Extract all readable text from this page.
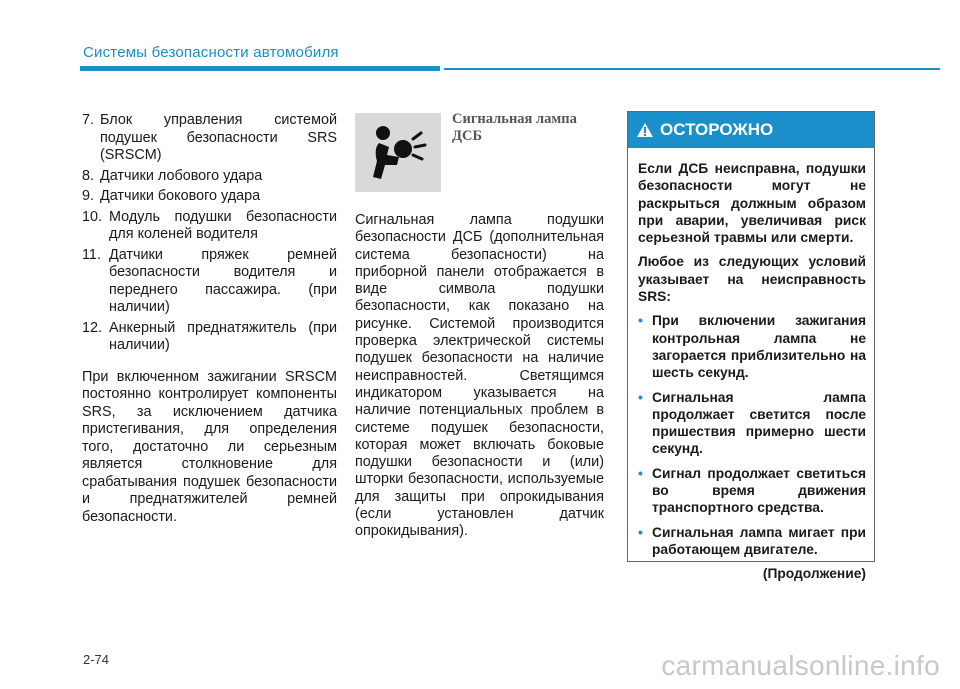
Системы безопасности автомобиля
7. Блок управления системой подушек безопасности SRS (SRSCM)
8. Датчики лобового удара
9. Датчики бокового удара
10. Модуль подушки безопасности для коленей водителя
11. Датчики пряжек ремней безопасности водителя и переднего пассажира. (при наличии)
12. Анкерный преднатяжитель (при наличии)
При включенном зажигании SRSCM постоянно контролирует компоненты SRS, за исключением датчика пристегивания, для определения того, достаточно ли серьезным является столкновение для срабатывания подушек безопасности и преднатяжителей ремней безопасности.
Сигнальная лампа ДСБ
Сигнальная лампа подушки безопасности ДСБ (дополнительная система безопасности) на приборной панели отображается в виде символа подушки безопасности, как показано на рисунке. Системой производится проверка электрической системы подушек безопасности на наличие неисправностей. Светящимся индикатором указывается на наличие потенциальных проблем в системе подушек безопасности, которая может включать боковые подушки безопасности и (или) шторки безопасности, используемые для защиты при опрокидывания (если установлен датчик опрокидывания).
ОСТОРОЖНО

Если ДСБ неисправна, подушки безопасности могут не раскрыться должным образом при аварии, увеличивая риск серьезной травмы или смерти.

Любое из следующих условий указывает на неисправность SRS:

• При включении зажигания контрольная лампа не загорается приблизительно на шесть секунд.
• Сигнальная лампа продолжает светится после пришествия примерно шести секунд.
• Сигнал продолжает светиться во время движения транспортного средства.
• Сигнальная лампа мигает при работающем двигателе.
(Продолжение)
2-74	carmanualsonline.info
